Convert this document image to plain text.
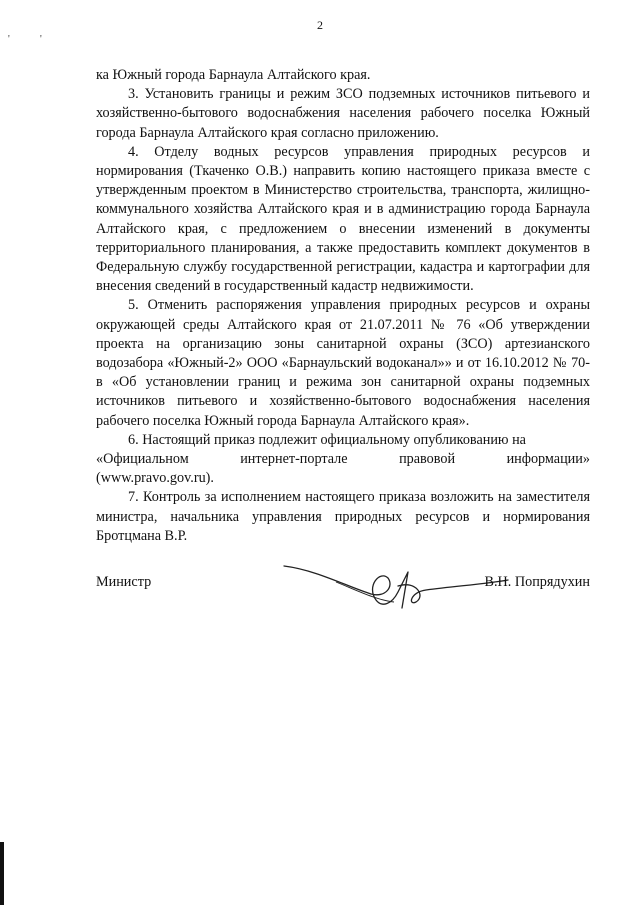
2
'	'

ка Южный города Барнаула Алтайского края.

3. Установить границы и режим ЗСО подземных источников питьевого и хозяйственно-бытового водоснабжения населения рабочего поселка Южный города Барнаула Алтайского края согласно приложению.

4. Отделу водных ресурсов управления природных ресурсов и нормирования (Ткаченко О.В.) направить копию настоящего приказа вместе с утвержденным проектом в Министерство строительства, транспорта, жилищно-коммунального хозяйства Алтайского края и в администрацию города Барнаула Алтайского края, с предложением о внесении изменений в документы территориального планирования, а также предоставить комплект документов в Федеральную службу государственной регистрации, кадастра и картографии для внесения сведений в государственный кадастр недвижимости.

5. Отменить распоряжения управления природных ресурсов и охраны окружающей среды Алтайского края от 21.07.2011 № 76 «Об утверждении проекта на организацию зоны санитарной охраны (ЗСО) артезианского водозабора «Южный-2» ООО «Барнаульский водоканал»» и от 16.10.2012 № 70-в «Об установлении границ и режима зон санитарной охраны подземных источников питьевого и хозяйственно-бытового водоснабжения населения рабочего поселка Южный города Барнаула Алтайского края».

6. Настоящий приказ подлежит официальному опубликованию на

«Официальном	интернет-портале	правовой	информации»

(www.pravo.gov.ru).

7. Контроль за исполнением настоящего приказа возложить на заместителя министра, начальника управления природных ресурсов и нормирования Бротцмана В.Р.

Министр	В.Н. Попрядухин
